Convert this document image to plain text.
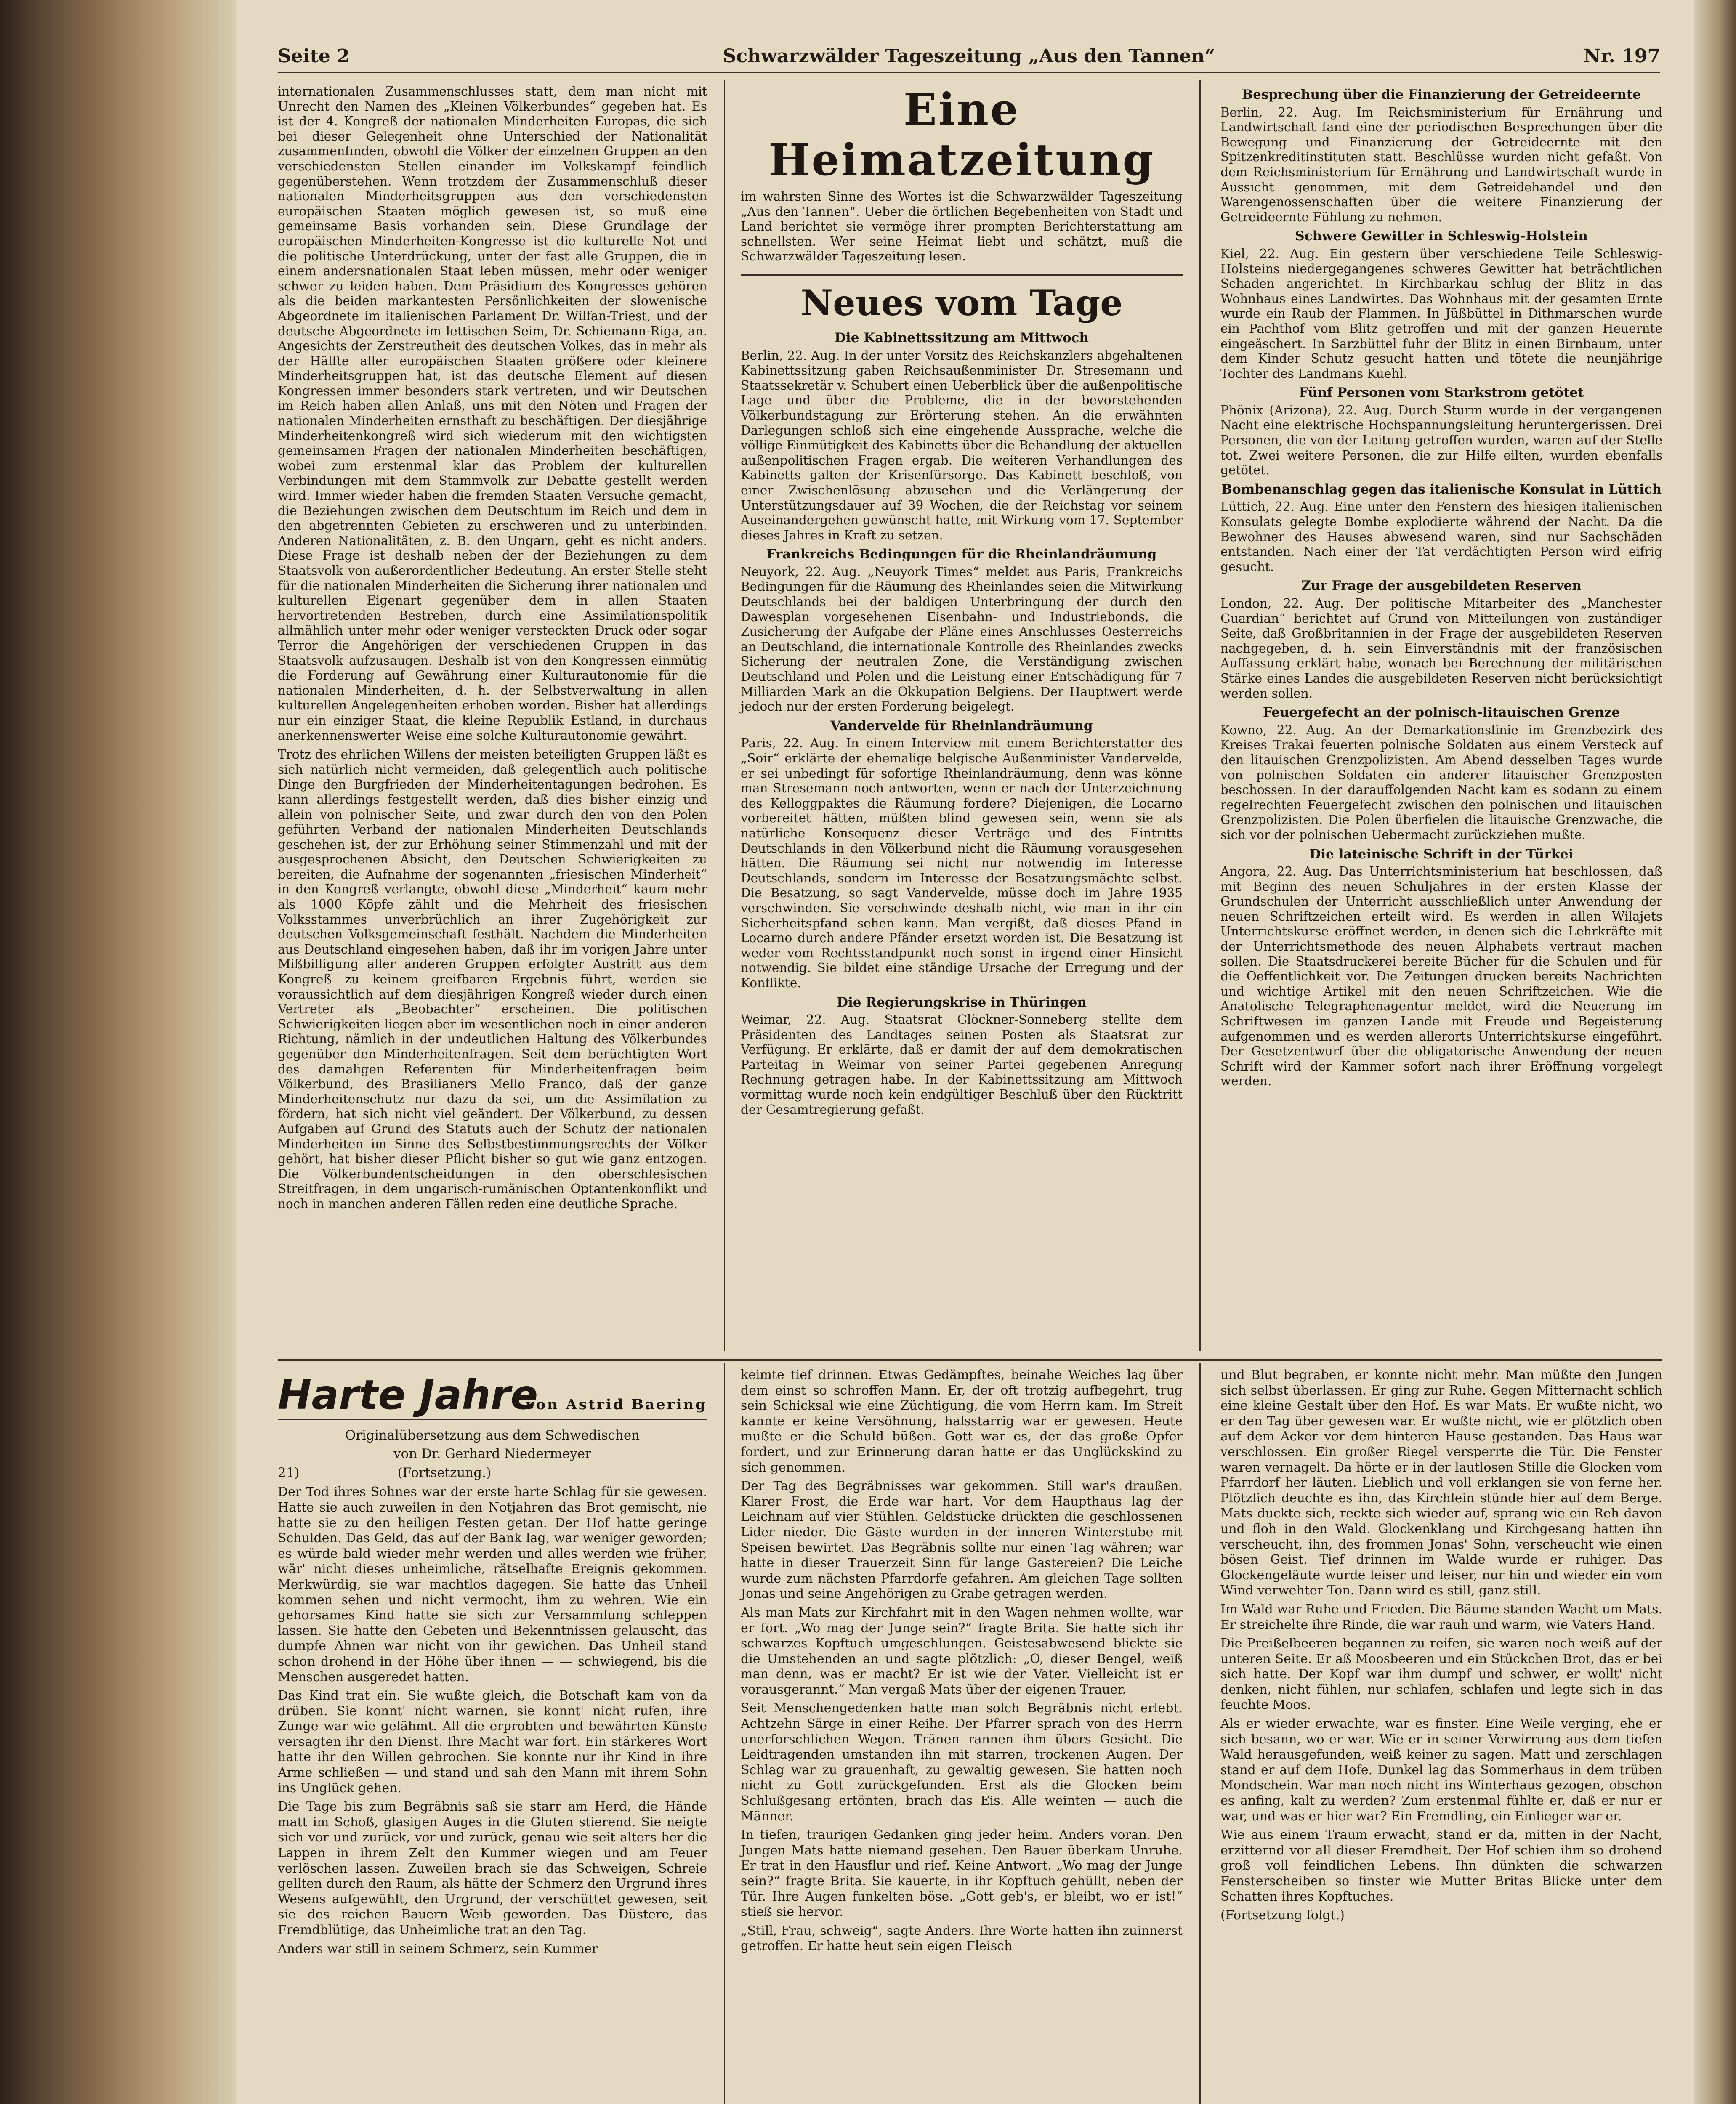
Seite 2	Schwarzwälder Tageszeitung „Aus den Tannen“	Nr. 197

internationalen Zusammenschlusses statt, dem man nicht mit Unrecht den Namen des „Kleinen Völkerbundes“ gegeben hat. Es ist der 4. Kongreß der nationalen Minderheiten Europas, die sich bei dieser Gelegenheit ohne Unterschied der Nationalität zusammenfinden, obwohl die Völker der einzelnen Gruppen an den verschiedensten Stellen einander im Volkskampf feindlich gegenüberstehen. Wenn trotzdem der Zusammenschluß dieser nationalen Minderheitsgruppen aus den verschiedensten europäischen Staaten möglich gewesen ist, so muß eine gemeinsame Basis vorhanden sein. Diese Grundlage der europäischen Minderheiten-Kongresse ist die kulturelle Not und die politische Unterdrückung, unter der fast alle Gruppen, die in einem andersnationalen Staat leben müssen, mehr oder weniger schwer zu leiden haben. Dem Präsidium des Kongresses gehören als die beiden markantesten Persönlichkeiten der slowenische Abgeordnete im italienischen Parlament Dr. Wilfan-Triest, und der deutsche Abgeordnete im lettischen Seim, Dr. Schiemann-Riga, an. Angesichts der Zerstreutheit des deutschen Volkes, das in mehr als der Hälfte aller europäischen Staaten größere oder kleinere Minderheitsgruppen hat, ist das deutsche Element auf diesen Kongressen immer besonders stark vertreten, und wir Deutschen im Reich haben allen Anlaß, uns mit den Nöten und Fragen der nationalen Minderheiten ernsthaft zu beschäftigen. Der diesjährige Minderheitenkongreß wird sich wiederum mit den wichtigsten gemeinsamen Fragen der nationalen Minderheiten beschäftigen, wobei zum erstenmal klar das Problem der kulturellen Verbindungen mit dem Stammvolk zur Debatte gestellt werden wird. Immer wieder haben die fremden Staaten Versuche gemacht, die Beziehungen zwischen dem Deutschtum im Reich und dem in den abgetrennten Gebieten zu erschweren und zu unterbinden. Anderen Nationalitäten, z. B. den Ungarn, geht es nicht anders. Diese Frage ist deshalb neben der der Beziehungen zu dem Staatsvolk von außerordentlicher Bedeutung. An erster Stelle steht für die nationalen Minderheiten die Sicherung ihrer nationalen und kulturellen Eigenart gegenüber dem in allen Staaten hervortretenden Bestreben, durch eine Assimilationspolitik allmählich unter mehr oder weniger versteckten Druck oder sogar Terror die Angehörigen der verschiedenen Gruppen in das Staatsvolk aufzusaugen. Deshalb ist von den Kongressen einmütig die Forderung auf Gewährung einer Kulturautonomie für die nationalen Minderheiten, d. h. der Selbstverwaltung in allen kulturellen Angelegenheiten erhoben worden. Bisher hat allerdings nur ein einziger Staat, die kleine Republik Estland, in durchaus anerkennenswerter Weise eine solche Kulturautonomie gewährt.

Trotz des ehrlichen Willens der meisten beteiligten Gruppen läßt es sich natürlich nicht vermeiden, daß gelegentlich auch politische Dinge den Burgfrieden der Minderheitentagungen bedrohen. Es kann allerdings festgestellt werden, daß dies bisher einzig und allein von polnischer Seite, und zwar durch den von den Polen geführten Verband der nationalen Minderheiten Deutschlands geschehen ist, der zur Erhöhung seiner Stimmenzahl und mit der ausgesprochenen Absicht, den Deutschen Schwierigkeiten zu bereiten, die Aufnahme der sogenannten „friesischen Minderheit“ in den Kongreß verlangte, obwohl diese „Minderheit“ kaum mehr als 1000 Köpfe zählt und die Mehrheit des friesischen Volksstammes unverbrüchlich an ihrer Zugehörigkeit zur deutschen Volksgemeinschaft festhält. Nachdem die Minderheiten aus Deutschland eingesehen haben, daß ihr im vorigen Jahre unter Mißbilligung aller anderen Gruppen erfolgter Austritt aus dem Kongreß zu keinem greifbaren Ergebnis führt, werden sie voraussichtlich auf dem diesjährigen Kongreß wieder durch einen Vertreter als „Beobachter“ erscheinen. Die politischen Schwierigkeiten liegen aber im wesentlichen noch in einer anderen Richtung, nämlich in der undeutlichen Haltung des Völkerbundes gegenüber den Minderheitenfragen. Seit dem berüchtigten Wort des damaligen Referenten für Minderheitenfragen beim Völkerbund, des Brasilianers Mello Franco, daß der ganze Minderheitenschutz nur dazu da sei, um die Assimilation zu fördern, hat sich nicht viel geändert. Der Völkerbund, zu dessen Aufgaben auf Grund des Statuts auch der Schutz der nationalen Minderheiten im Sinne des Selbstbestimmungsrechts der Völker gehört, hat bisher dieser Pflicht bisher so gut wie ganz entzogen. Die Völkerbundentscheidungen in den oberschlesischen Streitfragen, in dem ungarisch-rumänischen Optantenkonflikt und noch in manchen anderen Fällen reden eine deutliche Sprache.

Eine Heimatzeitung

im wahrsten Sinne des Wortes ist die Schwarzwälder Tageszeitung „Aus den Tannen“. Ueber die örtlichen Begebenheiten von Stadt und Land berichtet sie vermöge ihrer prompten Berichterstattung am schnellsten. Wer seine Heimat liebt und schätzt, muß die Schwarzwälder Tageszeitung lesen.

Neues vom Tage
Die Kabinettssitzung am Mittwoch

Berlin, 22. Aug. In der unter Vorsitz des Reichskanzlers abgehaltenen Kabinettssitzung gaben Reichsaußenminister Dr. Stresemann und Staatssekretär v. Schubert einen Ueberblick über die außenpolitische Lage und über die Probleme, die in der bevorstehenden Völkerbundstagung zur Erörterung stehen. An die erwähnten Darlegungen schloß sich eine eingehende Aussprache, welche die völlige Einmütigkeit des Kabinetts über die Behandlung der aktuellen außenpolitischen Fragen ergab. Die weiteren Verhandlungen des Kabinetts galten der Krisenfürsorge. Das Kabinett beschloß, von einer Zwischenlösung abzusehen und die Verlängerung der Unterstützungsdauer auf 39 Wochen, die der Reichstag vor seinem Auseinandergehen gewünscht hatte, mit Wirkung vom 17. September dieses Jahres in Kraft zu setzen.

Frankreichs Bedingungen für die Rheinlandräumung

Neuyork, 22. Aug. „Neuyork Times“ meldet aus Paris, Frankreichs Bedingungen für die Räumung des Rheinlandes seien die Mitwirkung Deutschlands bei der baldigen Unterbringung der durch den Dawesplan vorgesehenen Eisenbahn- und Industriebonds, die Zusicherung der Aufgabe der Pläne eines Anschlusses Oesterreichs an Deutschland, die internationale Kontrolle des Rheinlandes zwecks Sicherung der neutralen Zone, die Verständigung zwischen Deutschland und Polen und die Leistung einer Entschädigung für 7 Milliarden Mark an die Okkupation Belgiens. Der Hauptwert werde jedoch nur der ersten Forderung beigelegt.

Vandervelde für Rheinlandräumung

Paris, 22. Aug. In einem Interview mit einem Berichterstatter des „Soir“ erklärte der ehemalige belgische Außenminister Vandervelde, er sei unbedingt für sofortige Rheinlandräumung, denn was könne man Stresemann noch antworten, wenn er nach der Unterzeichnung des Kelloggpaktes die Räumung fordere? Diejenigen, die Locarno vorbereitet hätten, müßten blind gewesen sein, wenn sie als natürliche Konsequenz dieser Verträge und des Eintritts Deutschlands in den Völkerbund nicht die Räumung vorausgesehen hätten. Die Räumung sei nicht nur notwendig im Interesse Deutschlands, sondern im Interesse der Besatzungsmächte selbst. Die Besatzung, so sagt Vandervelde, müsse doch im Jahre 1935 verschwinden. Sie verschwinde deshalb nicht, wie man in ihr ein Sicherheitspfand sehen kann. Man vergißt, daß dieses Pfand in Locarno durch andere Pfänder ersetzt worden ist. Die Besatzung ist weder vom Rechtsstandpunkt noch sonst in irgend einer Hinsicht notwendig. Sie bildet eine ständige Ursache der Erregung und der Konflikte.

Die Regierungskrise in Thüringen

Weimar, 22. Aug. Staatsrat Glöckner-Sonneberg stellte dem Präsidenten des Landtages seinen Posten als Staatsrat zur Verfügung. Er erklärte, daß er damit der auf dem demokratischen Parteitag in Weimar von seiner Partei gegebenen Anregung Rechnung getragen habe. In der Kabinettssitzung am Mittwoch vormittag wurde noch kein endgültiger Beschluß über den Rücktritt der Gesamtregierung gefaßt.

Besprechung über die Finanzierung der Getreideernte

Berlin, 22. Aug. Im Reichsministerium für Ernährung und Landwirtschaft fand eine der periodischen Besprechungen über die Bewegung und Finanzierung der Getreideernte mit den Spitzenkreditinstituten statt. Beschlüsse wurden nicht gefaßt. Von dem Reichsministerium für Ernährung und Landwirtschaft wurde in Aussicht genommen, mit dem Getreidehandel und den Warengenossenschaften über die weitere Finanzierung der Getreideernte Fühlung zu nehmen.

Schwere Gewitter in Schleswig-Holstein

Kiel, 22. Aug. Ein gestern über verschiedene Teile Schleswig-Holsteins niedergegangenes schweres Gewitter hat beträchtlichen Schaden angerichtet. In Kirchbarkau schlug der Blitz in das Wohnhaus eines Landwirtes. Das Wohnhaus mit der gesamten Ernte wurde ein Raub der Flammen. In Jüßbüttel in Dithmarschen wurde ein Pachthof vom Blitz getroffen und mit der ganzen Heuernte eingeäschert. In Sarzbüttel fuhr der Blitz in einen Birnbaum, unter dem Kinder Schutz gesucht hatten und tötete die neunjährige Tochter des Landmans Kuehl.

Fünf Personen vom Starkstrom getötet

Phönix (Arizona), 22. Aug. Durch Sturm wurde in der vergangenen Nacht eine elektrische Hochspannungsleitung heruntergerissen. Drei Personen, die von der Leitung getroffen wurden, waren auf der Stelle tot. Zwei weitere Personen, die zur Hilfe eilten, wurden ebenfalls getötet.

Bombenanschlag gegen das italienische Konsulat in Lüttich

Lüttich, 22. Aug. Eine unter den Fenstern des hiesigen italienischen Konsulats gelegte Bombe explodierte während der Nacht. Da die Bewohner des Hauses abwesend waren, sind nur Sachschäden entstanden. Nach einer der Tat verdächtigten Person wird eifrig gesucht.

Zur Frage der ausgebildeten Reserven

London, 22. Aug. Der politische Mitarbeiter des „Manchester Guardian“ berichtet auf Grund von Mitteilungen von zuständiger Seite, daß Großbritannien in der Frage der ausgebildeten Reserven nachgegeben, d. h. sein Einverständnis mit der französischen Auffassung erklärt habe, wonach bei Berechnung der militärischen Stärke eines Landes die ausgebildeten Reserven nicht berücksichtigt werden sollen.

Feuergefecht an der polnisch-litauischen Grenze

Kowno, 22. Aug. An der Demarkationslinie im Grenzbezirk des Kreises Trakai feuerten polnische Soldaten aus einem Versteck auf den litauischen Grenzpolizisten. Am Abend desselben Tages wurde von polnischen Soldaten ein anderer litauischer Grenzposten beschossen. In der darauffolgenden Nacht kam es sodann zu einem regelrechten Feuergefecht zwischen den polnischen und litauischen Grenzpolizisten. Die Polen überfielen die litauische Grenzwache, die sich vor der polnischen Uebermacht zurückziehen mußte.

Die lateinische Schrift in der Türkei

Angora, 22. Aug. Das Unterrichtsministerium hat beschlossen, daß mit Beginn des neuen Schuljahres in der ersten Klasse der Grundschulen der Unterricht ausschließlich unter Anwendung der neuen Schriftzeichen erteilt wird. Es werden in allen Wilajets Unterrichtskurse eröffnet werden, in denen sich die Lehrkräfte mit der Unterrichtsmethode des neuen Alphabets vertraut machen sollen. Die Staatsdruckerei bereite Bücher für die Schulen und für die Oeffentlichkeit vor. Die Zeitungen drucken bereits Nachrichten und wichtige Artikel mit den neuen Schriftzeichen. Wie die Anatolische Telegraphenagentur meldet, wird die Neuerung im Schriftwesen im ganzen Lande mit Freude und Begeisterung aufgenommen und es werden allerorts Unterrichtskurse eingeführt. Der Gesetzentwurf über die obligatorische Anwendung der neuen Schrift wird der Kammer sofort nach ihrer Eröffnung vorgelegt werden.

Harte Jahre
von Astrid Baering
Originalübersetzung aus dem Schwedischen
von Dr. Gerhard Niedermeyer
21)	(Fortsetzung.)

Der Tod ihres Sohnes war der erste harte Schlag für sie gewesen. Hatte sie auch zuweilen in den Notjahren das Brot gemischt, nie hatte sie zu den heiligen Festen getan. Der Hof hatte geringe Schulden. Das Geld, das auf der Bank lag, war weniger geworden; es würde bald wieder mehr werden und alles werden wie früher, wär' nicht dieses unheimliche, rätselhafte Ereignis gekommen. Merkwürdig, sie war machtlos dagegen. Sie hatte das Unheil kommen sehen und nicht vermocht, ihm zu wehren. Wie ein gehorsames Kind hatte sie sich zur Versammlung schleppen lassen. Sie hatte den Gebeten und Bekenntnissen gelauscht, das dumpfe Ahnen war nicht von ihr gewichen. Das Unheil stand schon drohend in der Höhe über ihnen — — schwiegend, bis die Menschen ausgeredet hatten.

Das Kind trat ein. Sie wußte gleich, die Botschaft kam von da drüben. Sie konnt' nicht warnen, sie konnt' nicht rufen, ihre Zunge war wie gelähmt. All die erprobten und bewährten Künste versagten ihr den Dienst. Ihre Macht war fort. Ein stärkeres Wort hatte ihr den Willen gebrochen. Sie konnte nur ihr Kind in ihre Arme schließen — und stand und sah den Mann mit ihrem Sohn ins Unglück gehen.

Die Tage bis zum Begräbnis saß sie starr am Herd, die Hände matt im Schoß, glasigen Auges in die Gluten stierend. Sie neigte sich vor und zurück, vor und zurück, genau wie seit alters her die Lappen in ihrem Zelt den Kummer wiegen und am Feuer verlöschen lassen. Zuweilen brach sie das Schweigen, Schreie gellten durch den Raum, als hätte der Schmerz den Urgrund ihres Wesens aufgewühlt, den Urgrund, der verschüttet gewesen, seit sie des reichen Bauern Weib geworden. Das Düstere, das Fremdblütige, das Unheimliche trat an den Tag.

Anders war still in seinem Schmerz, sein Kummer

keimte tief drinnen. Etwas Gedämpftes, beinahe Weiches lag über dem einst so schroffen Mann. Er, der oft trotzig aufbegehrt, trug sein Schicksal wie eine Züchtigung, die vom Herrn kam. Im Streit kannte er keine Versöhnung, halsstarrig war er gewesen. Heute mußte er die Schuld büßen. Gott war es, der das große Opfer fordert, und zur Erinnerung daran hatte er das Unglückskind zu sich genommen.

Der Tag des Begräbnisses war gekommen. Still war's draußen. Klarer Frost, die Erde war hart. Vor dem Haupthaus lag der Leichnam auf vier Stühlen. Geldstücke drückten die geschlossenen Lider nieder. Die Gäste wurden in der inneren Winterstube mit Speisen bewirtet. Das Begräbnis sollte nur einen Tag währen; war hatte in dieser Trauerzeit Sinn für lange Gastereien? Die Leiche wurde zum nächsten Pfarrdorfe gefahren. Am gleichen Tage sollten Jonas und seine Angehörigen zu Grabe getragen werden.

Als man Mats zur Kirchfahrt mit in den Wagen nehmen wollte, war er fort. „Wo mag der Junge sein?“ fragte Brita. Sie hatte sich ihr schwarzes Kopftuch umgeschlungen. Geistesabwesend blickte sie die Umstehenden an und sagte plötzlich: „O, dieser Bengel, weiß man denn, was er macht? Er ist wie der Vater. Vielleicht ist er vorausgerannt.“ Man vergaß Mats über der eigenen Trauer.

Seit Menschengedenken hatte man solch Begräbnis nicht erlebt. Achtzehn Särge in einer Reihe. Der Pfarrer sprach von des Herrn unerforschlichen Wegen. Tränen rannen ihm übers Gesicht. Die Leidtragenden umstanden ihn mit starren, trockenen Augen. Der Schlag war zu grauenhaft, zu gewaltig gewesen. Sie hatten noch nicht zu Gott zurückgefunden. Erst als die Glocken beim Schlußgesang ertönten, brach das Eis. Alle weinten — auch die Männer.

In tiefen, traurigen Gedanken ging jeder heim. Anders voran. Den Jungen Mats hatte niemand gesehen. Den Bauer überkam Unruhe. Er trat in den Hausflur und rief. Keine Antwort. „Wo mag der Junge sein?“ fragte Brita. Sie kauerte, in ihr Kopftuch gehüllt, neben der Tür. Ihre Augen funkelten böse. „Gott geb's, er bleibt, wo er ist!“ stieß sie hervor.

„Still, Frau, schweig“, sagte Anders. Ihre Worte hatten ihn zuinnerst getroffen. Er hatte heut sein eigen Fleisch

und Blut begraben, er konnte nicht mehr. Man müßte den Jungen sich selbst überlassen. Er ging zur Ruhe. Gegen Mitternacht schlich eine kleine Gestalt über den Hof. Es war Mats. Er wußte nicht, wo er den Tag über gewesen war. Er wußte nicht, wie er plötzlich oben auf dem Acker vor dem hinteren Hause gestanden. Das Haus war verschlossen. Ein großer Riegel versperrte die Tür. Die Fenster waren vernagelt. Da hörte er in der lautlosen Stille die Glocken vom Pfarrdorf her läuten. Lieblich und voll erklangen sie von ferne her. Plötzlich deuchte es ihn, das Kirchlein stünde hier auf dem Berge. Mats duckte sich, reckte sich wieder auf, sprang wie ein Reh davon und floh in den Wald. Glockenklang und Kirchgesang hatten ihn verscheucht, ihn, des frommen Jonas' Sohn, verscheucht wie einen bösen Geist. Tief drinnen im Walde wurde er ruhiger. Das Glockengeläute wurde leiser und leiser, nur hin und wieder ein vom Wind verwehter Ton. Dann wird es still, ganz still.

Im Wald war Ruhe und Frieden. Die Bäume standen Wacht um Mats. Er streichelte ihre Rinde, die war rauh und warm, wie Vaters Hand.

Die Preißelbeeren begannen zu reifen, sie waren noch weiß auf der unteren Seite. Er aß Moosbeeren und ein Stückchen Brot, das er bei sich hatte. Der Kopf war ihm dumpf und schwer, er wollt' nicht denken, nicht fühlen, nur schlafen, schlafen und legte sich in das feuchte Moos.

Als er wieder erwachte, war es finster. Eine Weile verging, ehe er sich besann, wo er war. Wie er in seiner Verwirrung aus dem tiefen Wald herausgefunden, weiß keiner zu sagen. Matt und zerschlagen stand er auf dem Hofe. Dunkel lag das Sommerhaus in dem trüben Mondschein. War man noch nicht ins Winterhaus gezogen, obschon es anfing, kalt zu werden? Zum erstenmal fühlte er, daß er nur er war, und was er hier war? Ein Fremdling, ein Einlieger war er.

Wie aus einem Traum erwacht, stand er da, mitten in der Nacht, erzitternd vor all dieser Fremdheit. Der Hof schien ihm so drohend groß voll feindlichen Lebens. Ihn dünkten die schwarzen Fensterscheiben so finster wie Mutter Britas Blicke unter dem Schatten ihres Kopftuches.

(Fortsetzung folgt.)
